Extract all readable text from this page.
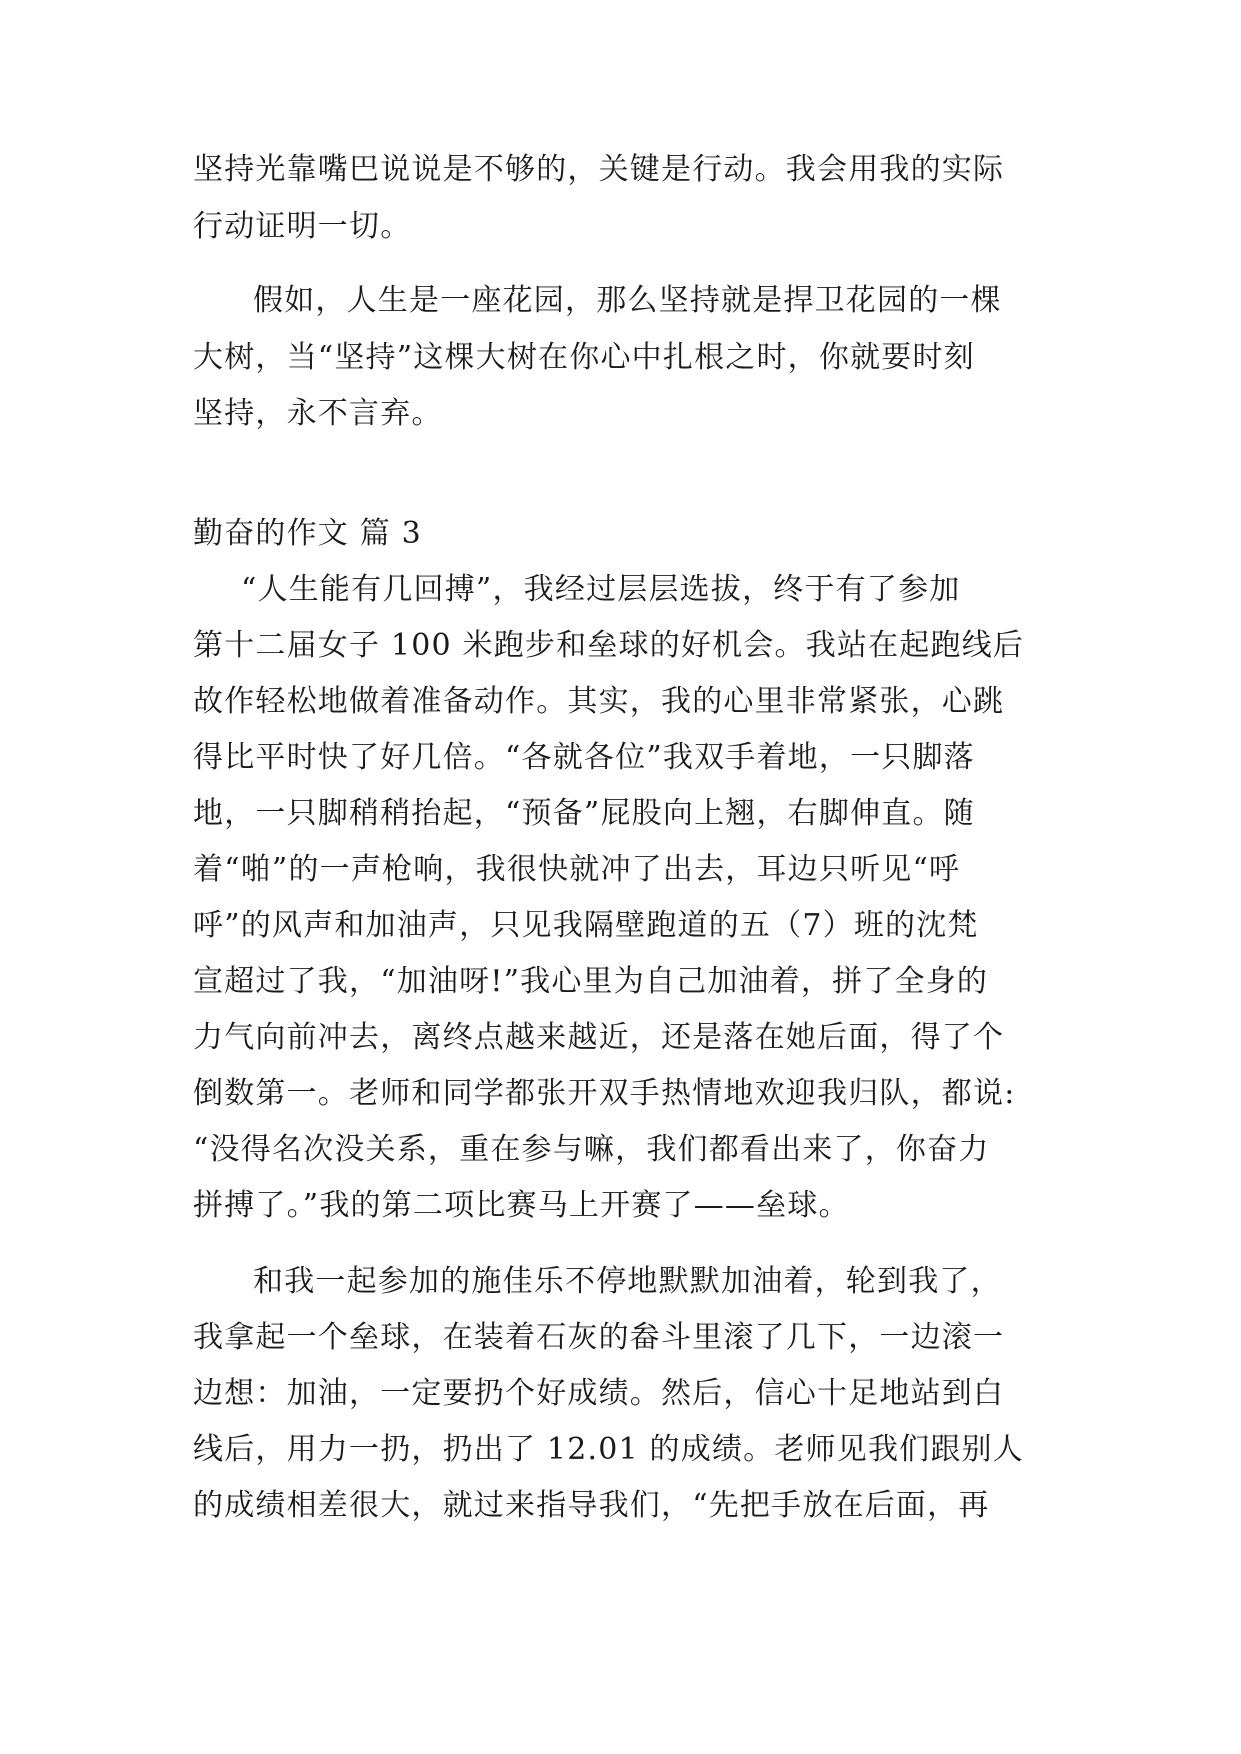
坚持光靠嘴巴说说是不够的，关键是行动。我会用我的实际
行动证明一切。
假如，人生是一座花园，那么坚持就是捍卫花园的一棵
大树，当“坚持”这棵大树在你心中扎根之时，你就要时刻
坚持，永不言弃。
勤奋的作文 篇 3
“人生能有几回搏”，我经过层层选拔，终于有了参加
第十二届女子 100 米跑步和垒球的好机会。我站在起跑线后
故作轻松地做着准备动作。其实，我的心里非常紧张，心跳
得比平时快了好几倍。“各就各位”我双手着地，一只脚落
地，一只脚稍稍抬起，“预备”屁股向上翘，右脚伸直。随
着“啪”的一声枪响，我很快就冲了出去，耳边只听见“呼
呼”的风声和加油声，只见我隔壁跑道的五（7）班的沈梵
宣超过了我，“加油呀!”我心里为自己加油着，拼了全身的
力气向前冲去，离终点越来越近，还是落在她后面，得了个
倒数第一。老师和同学都张开双手热情地欢迎我归队，都说:
“没得名次没关系，重在参与嘛，我们都看出来了，你奋力
拼搏了。”我的第二项比赛马上开赛了——垒球。
和我一起参加的施佳乐不停地默默加油着，轮到我了，
我拿起一个垒球，在装着石灰的畚斗里滚了几下，一边滚一
边想：加油，一定要扔个好成绩。然后，信心十足地站到白
线后，用力一扔，扔出了 12.01 的成绩。老师见我们跟别人
的成绩相差很大，就过来指导我们，“先把手放在后面，再
